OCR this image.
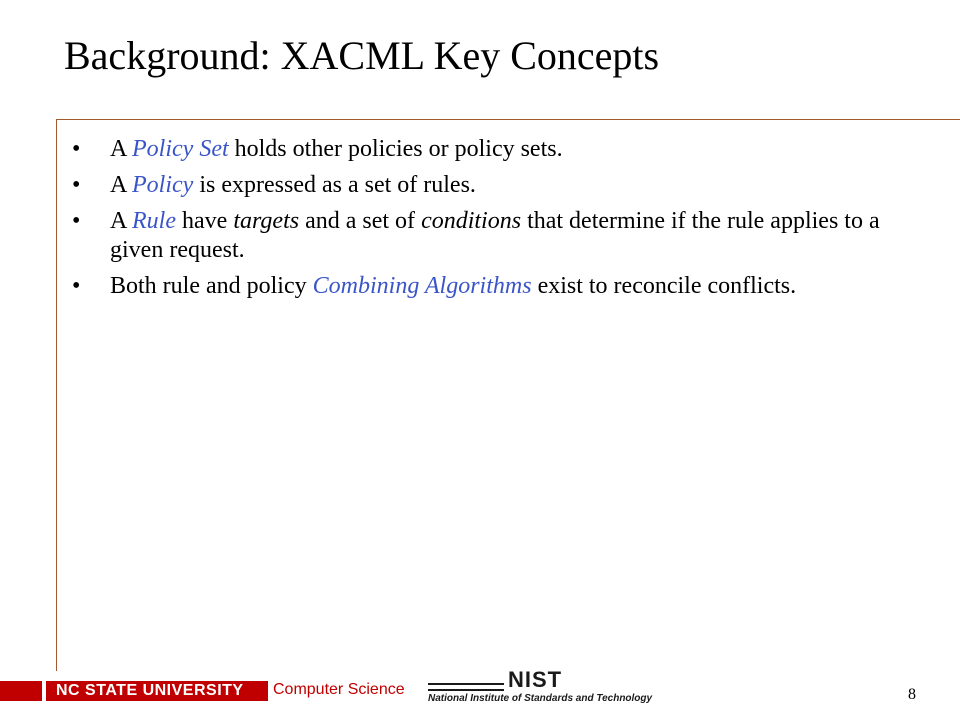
Background: XACML Key Concepts
• A Policy Set holds other policies or policy sets.
• A Policy is expressed as a set of rules.
• A Rule have targets and a set of conditions that determine if the rule applies to a given request.
• Both rule and policy Combining Algorithms exist to reconcile conflicts.
NC STATE UNIVERSITY	Computer Science	NIST
National Institute of Standards and Technology	8
